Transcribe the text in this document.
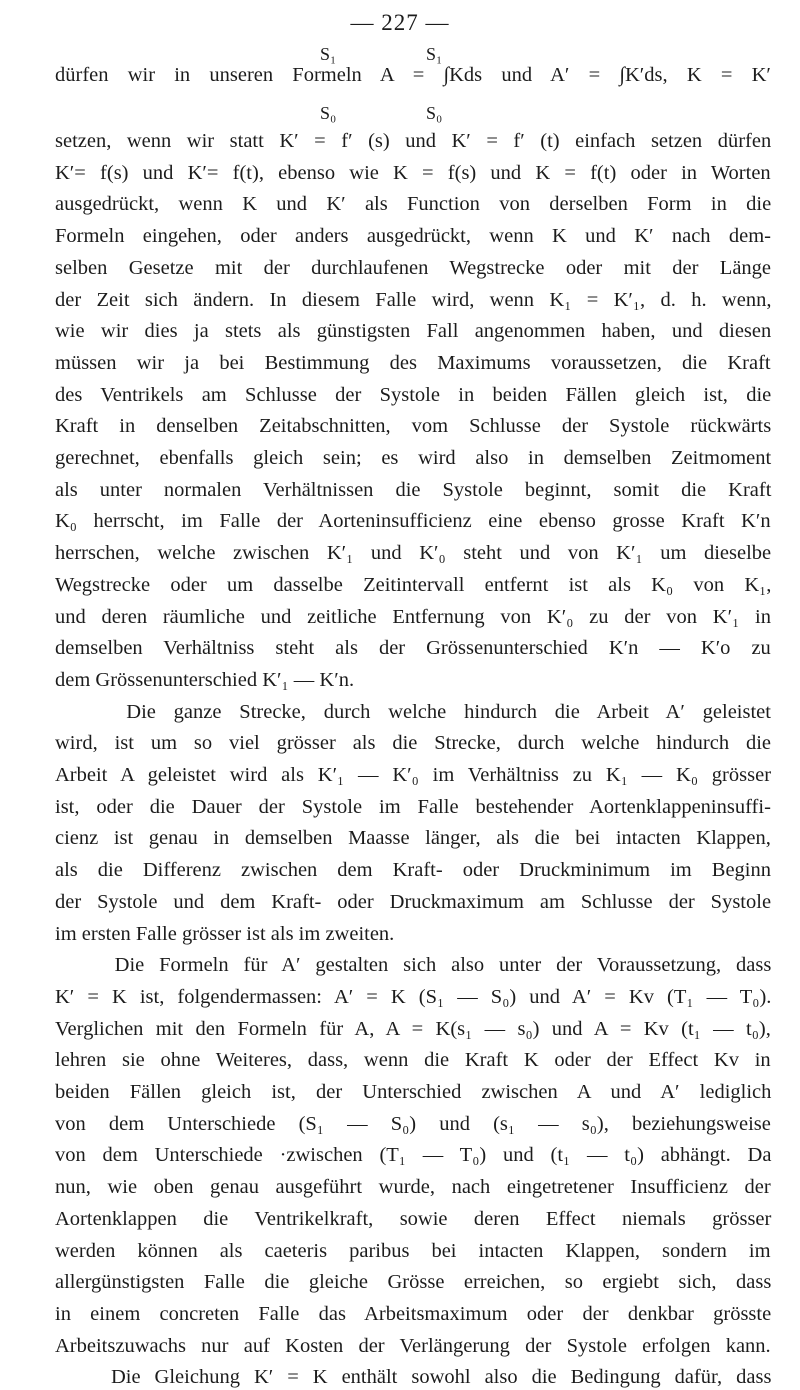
— 227 —
S₁	S₁
S₀	S₀
dürfen wir in unseren Formeln A = ∫Kds und A′ = ∫K′ds, K = K′
setzen, wenn wir statt K′ = f′ (s) und K′ = f′ (t) einfach setzen dürfen
K′= f(s) und K′= f(t), ebenso wie K = f(s) und K = f(t) oder in Worten
ausgedrückt, wenn K und K′ als Function von derselben Form in die
Formeln eingehen, oder anders ausgedrückt, wenn K und K′ nach dem-
selben Gesetze mit der durchlaufenen Wegstrecke oder mit der Länge
der Zeit sich ändern. In diesem Falle wird, wenn K₁ = K′₁, d. h. wenn,
wie wir dies ja stets als günstigsten Fall angenommen haben, und diesen
müssen wir ja bei Bestimmung des Maximums voraussetzen, die Kraft
des Ventrikels am Schlusse der Systole in beiden Fällen gleich ist, die
Kraft in denselben Zeitabschnitten, vom Schlusse der Systole rückwärts
gerechnet, ebenfalls gleich sein; es wird also in demselben Zeitmoment
als unter normalen Verhältnissen die Systole beginnt, somit die Kraft
K₀ herrscht, im Falle der Aorteninsufficienz eine ebenso grosse Kraft K′n
herrschen, welche zwischen K′₁ und K′₀ steht und von K′₁ um dieselbe
Wegstrecke oder um dasselbe Zeitintervall entfernt ist als K₀ von K₁,
und deren räumliche und zeitliche Entfernung von K′₀ zu der von K′₁ in
demselben Verhältniss steht als der Grössenunterschied K′n — K′o zu
dem Grössenunterschied K′₁ — K′n.
Die ganze Strecke, durch welche hindurch die Arbeit A′ geleistet
wird, ist um so viel grösser als die Strecke, durch welche hindurch die
Arbeit A geleistet wird als K′₁ — K′₀ im Verhältniss zu K₁ — K₀ grösser
ist, oder die Dauer der Systole im Falle bestehender Aortenklappeninsuffi-
cienz ist genau in demselben Maasse länger, als die bei intacten Klappen,
als die Differenz zwischen dem Kraft- oder Druckminimum im Beginn
der Systole und dem Kraft- oder Druckmaximum am Schlusse der Systole
im ersten Falle grösser ist als im zweiten.
Die Formeln für A′ gestalten sich also unter der Voraussetzung, dass
K′ = K ist, folgendermassen: A′ = K (S₁ — S₀) und A′ = Kv (T₁ — T₀).
Verglichen mit den Formeln für A, A = K(s₁ — s₀) und A = Kv (t₁ — t₀),
lehren sie ohne Weiteres, dass, wenn die Kraft K oder der Effect Kv in
beiden Fällen gleich ist, der Unterschied zwischen A und A′ lediglich
von dem Unterschiede (S₁ — S₀) und (s₁ — s₀), beziehungsweise
von dem Unterschiede ·zwischen (T₁ — T₀) und (t₁ — t₀) abhängt. Da
nun, wie oben genau ausgeführt wurde, nach eingetretener Insufficienz der
Aortenklappen die Ventrikelkraft, sowie deren Effect niemals grösser
werden können als caeteris paribus bei intacten Klappen, sondern im
allergünstigsten Falle die gleiche Grösse erreichen, so ergiebt sich, dass
in einem concreten Falle das Arbeitsmaximum oder der denkbar grösste
Arbeitszuwachs nur auf Kosten der Verlängerung der Systole erfolgen kann.
Die Gleichung K′ = K enthält sowohl also die Bedingung dafür, dass
